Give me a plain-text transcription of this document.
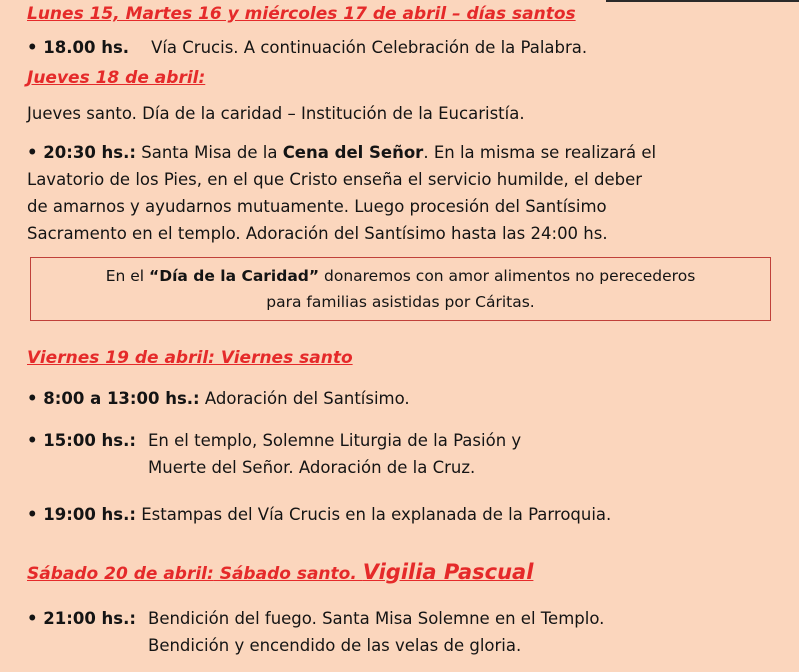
Lunes 15, Martes 16 y miércoles 17 de abril – días santos
• 18.00 hs. Vía Crucis. A continuación Celebración de la Palabra.
Jueves 18 de abril:
Jueves santo. Día de la caridad – Institución de la Eucaristía.
• 20:30 hs.: Santa Misa de la Cena del Señor. En la misma se realizará el
Lavatorio de los Pies, en el que Cristo enseña el servicio humilde, el deber
de amarnos y ayudarnos mutuamente. Luego procesión del Santísimo
Sacramento en el templo. Adoración del Santísimo hasta las 24:00 hs.
En el “Día de la Caridad” donaremos con amor alimentos no perecederos
para familias asistidas por Cáritas.
Viernes 19 de abril: Viernes santo
• 8:00 a 13:00 hs.: Adoración del Santísimo.
• 15:00 hs.: En el templo, Solemne Liturgia de la Pasión y
Muerte del Señor. Adoración de la Cruz.
• 19:00 hs.: Estampas del Vía Crucis en la explanada de la Parroquia.
Sábado 20 de abril: Sábado santo. Vigilia Pascual
• 21:00 hs.: Bendición del fuego. Santa Misa Solemne en el Templo.
Bendición y encendido de las velas de gloria.
